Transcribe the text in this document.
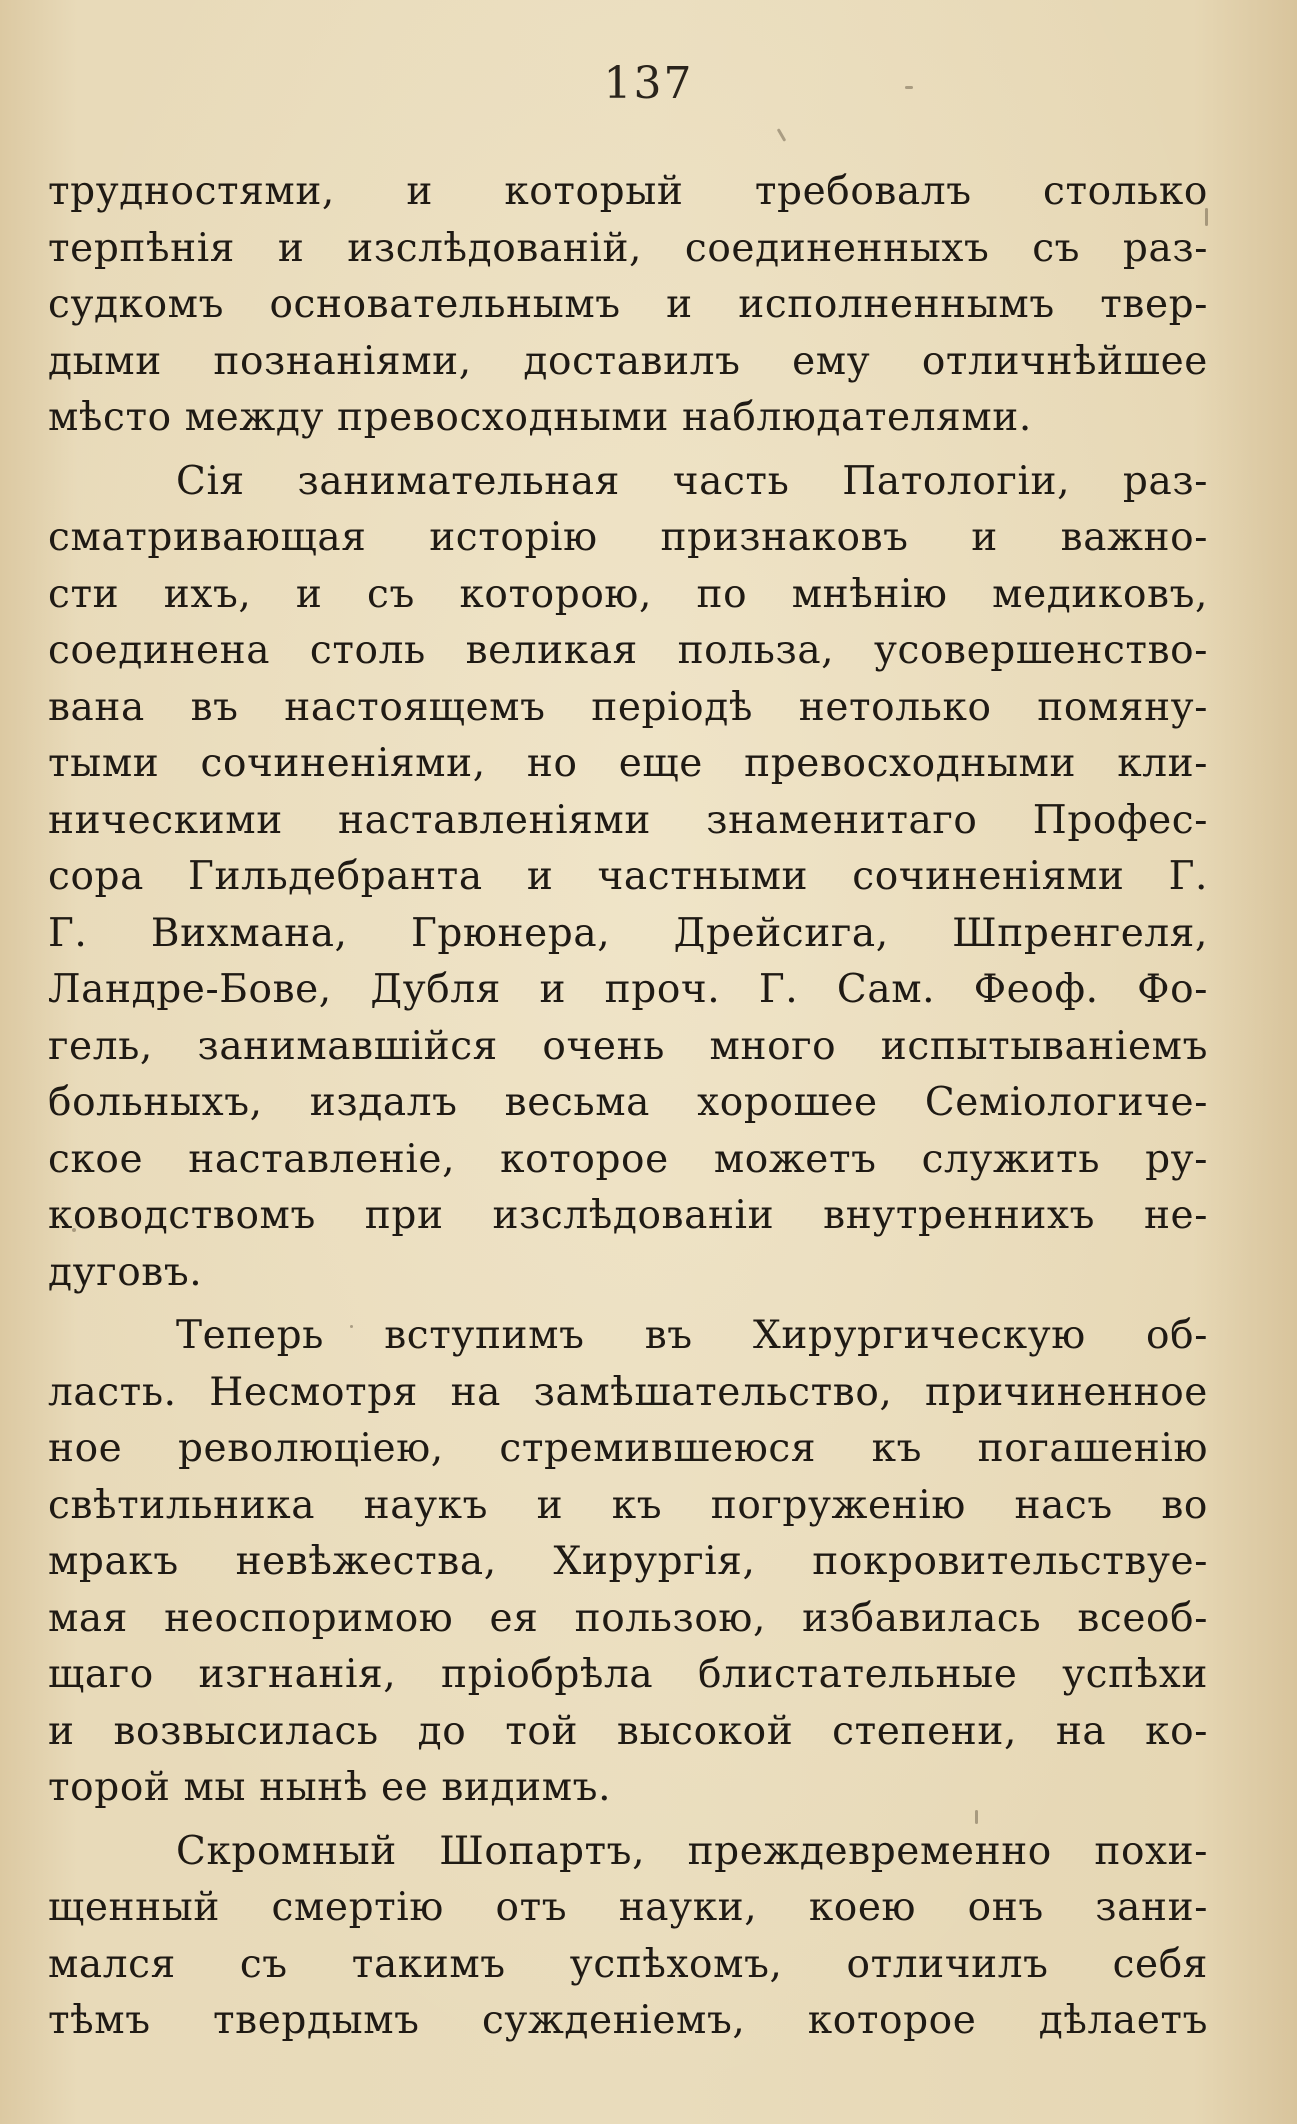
137
трудностями, и который требовалъ столько
терпѣнія и изслѣдованій, соединенныхъ съ раз-
судкомъ основательнымъ и исполненнымъ твер-
дыми познаніями, доставилъ ему отличнѣйшее
мѣсто между превосходными наблюдателями.
Сія занимательная часть Патологіи, раз-
сматривающая исторію признаковъ и важно-
сти ихъ, и съ которою, по мнѣнію медиковъ,
соединена столь великая польза, усовершенство-
вана въ настоящемъ періодѣ нетолько помяну-
тыми сочиненіями, но еще превосходными кли-
ническими наставленіями знаменитаго Профес-
сора Гильдебранта и частными сочиненіями Г.
Г. Вихмана, Грюнера, Дрейсига, Шпренгеля,
Ландре-Бове, Дубля и проч. Г. Сам. Феоф. Фо-
гель, занимавшійся очень много испытываніемъ
больныхъ, издалъ весьма хорошее Семіологиче-
ское наставленіе, которое можетъ служить ру-
ководствомъ при изслѣдованіи внутреннихъ не-
дуговъ.
Теперь вступимъ въ Хирургическую об-
ласть. Несмотря на замѣшательство, причиненное
ное революціею, стремившеюся къ погашенію
свѣтильника наукъ и къ погруженію насъ во
мракъ невѣжества, Хирургія, покровительствуе-
мая неоспоримою ея пользою, избавилась всеоб-
щаго изгнанія, пріобрѣла блистательные успѣхи
и возвысилась до той высокой степени, на ко-
торой мы нынѣ ее видимъ.
Скромный Шопартъ, преждевременно похи-
щенный смертію отъ науки, коею онъ зани-
мался съ такимъ успѣхомъ, отличилъ себя
тѣмъ твердымъ сужденіемъ, которое дѣлаетъ
